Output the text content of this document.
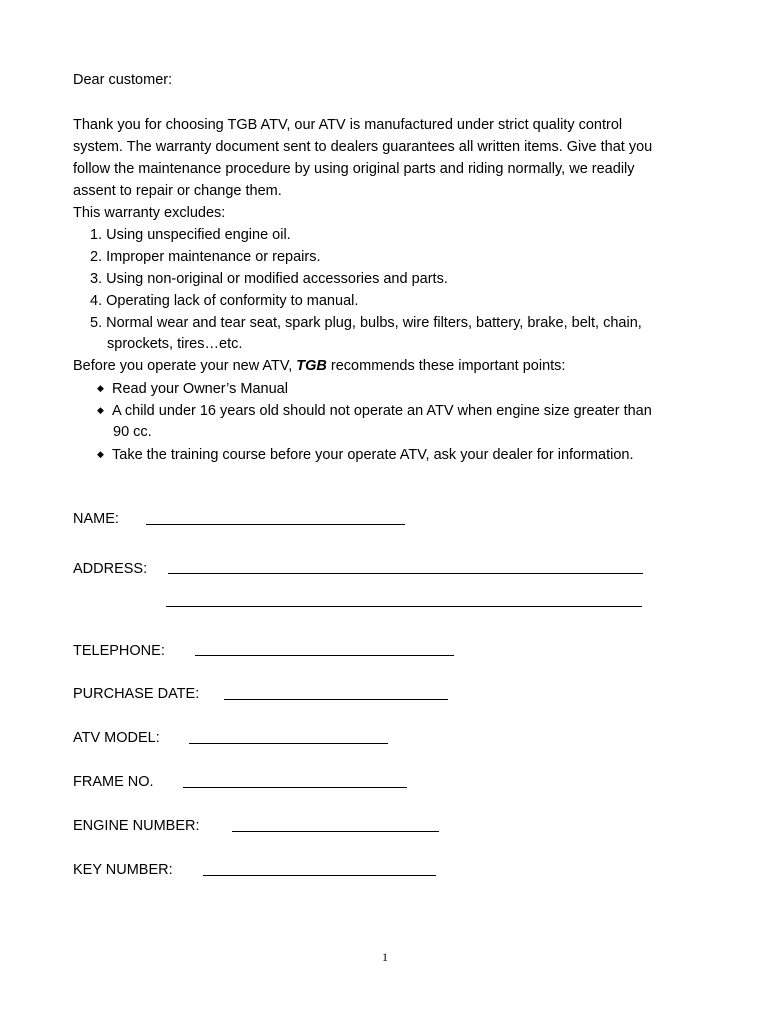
Dear customer:
Thank you for choosing TGB ATV, our ATV is manufactured under strict quality control
system. The warranty document sent to dealers guarantees all written items. Give that you
follow the maintenance procedure by using original parts and riding normally, we readily
assent to repair or change them.
This warranty excludes:
1. Using unspecified engine oil.
2. Improper maintenance or repairs.
3. Using non-original or modified accessories and parts.
4. Operating lack of conformity to manual.
5. Normal wear and tear seat, spark plug, bulbs, wire filters, battery, brake, belt, chain,
sprockets, tires…etc.
Before you operate your new ATV, TGB recommends these important points:
◆ Read your Owner’s Manual
◆ A child under 16 years old should not operate an ATV when engine size greater than
90 cc.
◆ Take the training course before your operate ATV, ask your dealer for information.
NAME:
ADDRESS:
TELEPHONE:
PURCHASE DATE:
ATV MODEL:
FRAME NO.
ENGINE NUMBER:
KEY NUMBER:
1
